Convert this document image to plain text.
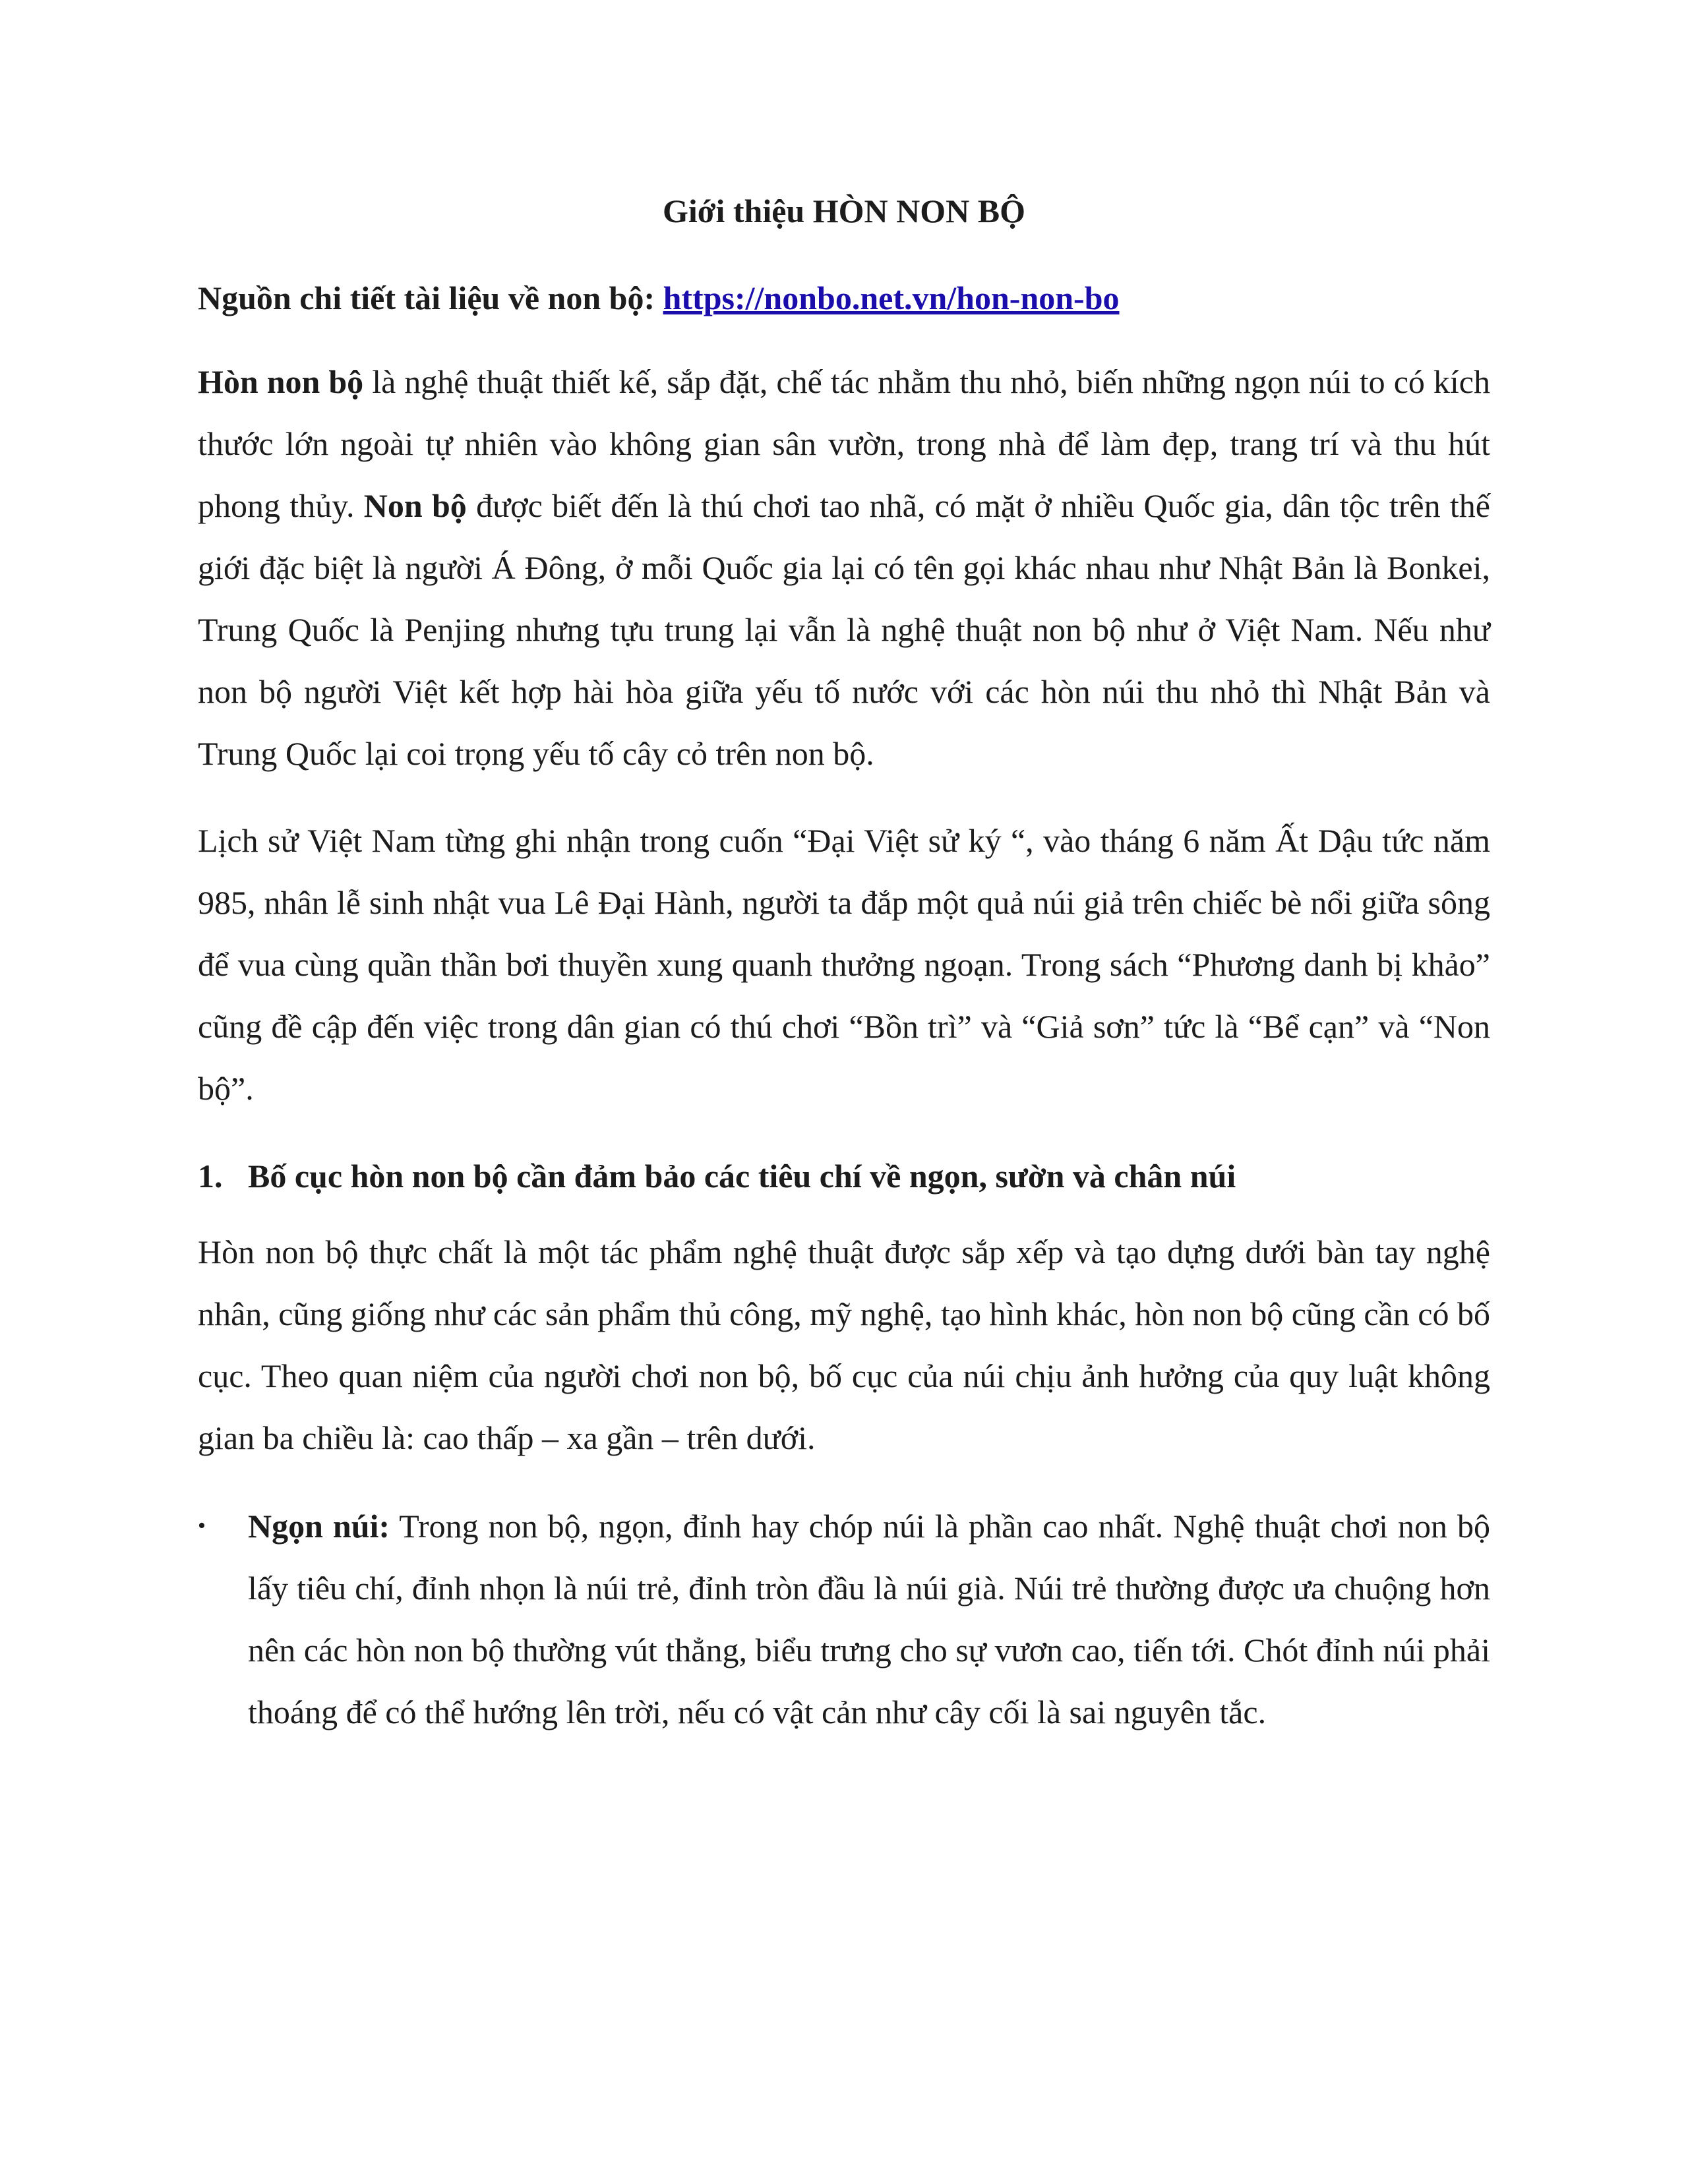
Giới thiệu HÒN NON BỘ
Nguồn chi tiết tài liệu về non bộ: https://nonbo.net.vn/hon-non-bo

Hòn non bộ là nghệ thuật thiết kế, sắp đặt, chế tác nhằm thu nhỏ, biến những ngọn núi to có kích thước lớn ngoài tự nhiên vào không gian sân vườn, trong nhà để làm đẹp, trang trí và thu hút phong thủy. Non bộ được biết đến là thú chơi tao nhã, có mặt ở nhiều Quốc gia, dân tộc trên thế giới đặc biệt là người Á Đông, ở mỗi Quốc gia lại có tên gọi khác nhau như Nhật Bản là Bonkei, Trung Quốc là Penjing nhưng tựu trung lại vẫn là nghệ thuật non bộ như ở Việt Nam. Nếu như non bộ người Việt kết hợp hài hòa giữa yếu tố nước với các hòn núi thu nhỏ thì Nhật Bản và Trung Quốc lại coi trọng yếu tố cây cỏ trên non bộ.

Lịch sử Việt Nam từng ghi nhận trong cuốn “Đại Việt sử ký “, vào tháng 6 năm Ất Dậu tức năm 985, nhân lễ sinh nhật vua Lê Đại Hành, người ta đắp một quả núi giả trên chiếc bè nổi giữa sông để vua cùng quần thần bơi thuyền xung quanh thưởng ngoạn. Trong sách “Phương danh bị khảo” cũng đề cập đến việc trong dân gian có thú chơi “Bồn trì” và “Giả sơn” tức là “Bể cạn” và “Non bộ”.

1. Bố cục hòn non bộ cần đảm bảo các tiêu chí về ngọn, sườn và chân núi

Hòn non bộ thực chất là một tác phẩm nghệ thuật được sắp xếp và tạo dựng dưới bàn tay nghệ nhân, cũng giống như các sản phẩm thủ công, mỹ nghệ, tạo hình khác, hòn non bộ cũng cần có bố cục. Theo quan niệm của người chơi non bộ, bố cục của núi chịu ảnh hưởng của quy luật không gian ba chiều là: cao thấp – xa gần – trên dưới.

•	Ngọn núi: Trong non bộ, ngọn, đỉnh hay chóp núi là phần cao nhất. Nghệ thuật chơi non bộ lấy tiêu chí, đỉnh nhọn là núi trẻ, đỉnh tròn đầu là núi già. Núi trẻ thường được ưa chuộng hơn nên các hòn non bộ thường vút thẳng, biểu trưng cho sự vươn cao, tiến tới. Chót đỉnh núi phải thoáng để có thể hướng lên trời, nếu có vật cản như cây cối là sai nguyên tắc.
